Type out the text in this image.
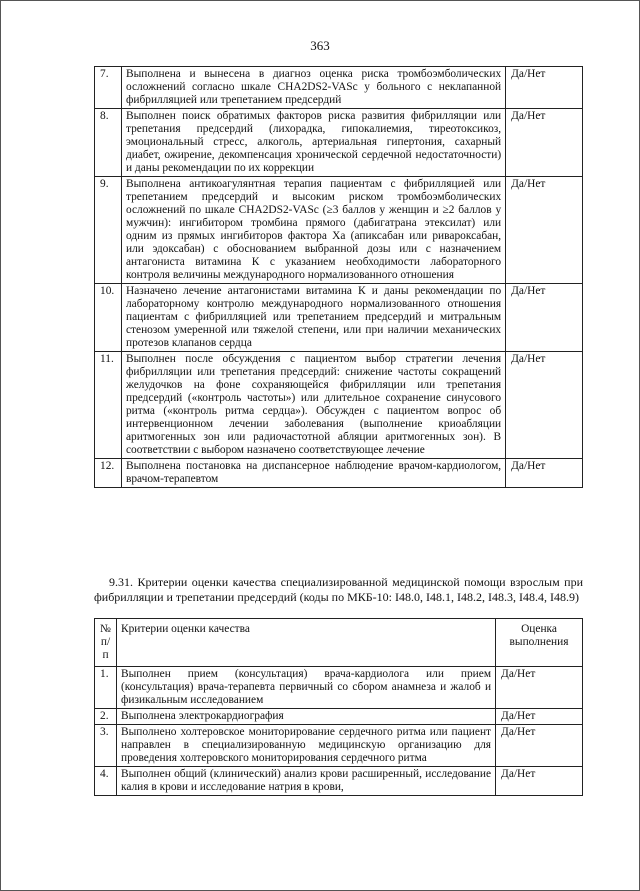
363
7.	Выполнена и вынесена в диагноз оценка риска тромбоэмболических осложнений согласно шкале CHA2DS2-VASc у больного с неклапанной фибрилляцией или трепетанием предсердий	Да/Нет
8.	Выполнен поиск обратимых факторов риска развития фибрилляции или трепетания предсердий (лихорадка, гипокалиемия, тиреотоксикоз, эмоциональный стресс, алкоголь, артериальная гипертония, сахарный диабет, ожирение, декомпенсация хронической сердечной недостаточности) и даны рекомендации по их коррекции	Да/Нет
9.	Выполнена антикоагулянтная терапия пациентам с фибрилляцией или трепетанием предсердий и высоким риском тромбоэмболических осложнений по шкале CHA2DS2-VASc (≥3 баллов у женщин и ≥2 баллов у мужчин): ингибитором тромбина прямого (дабигатрана этексилат) или одним из прямых ингибиторов фактора Ха (апиксабан или ривароксабан, или эдоксабан) с обоснованием выбранной дозы или с назначением антагониста витамина К с указанием необходимости лабораторного контроля величины международного нормализованного отношения	Да/Нет
10.	Назначено лечение антагонистами витамина К и даны рекомендации по лабораторному контролю международного нормализованного отношения пациентам с фибрилляцией или трепетанием предсердий и митральным стенозом умеренной или тяжелой степени, или при наличии механических протезов клапанов сердца	Да/Нет
11.	Выполнен после обсуждения с пациентом выбор стратегии лечения фибрилляции или трепетания предсердий: снижение частоты сокращений желудочков на фоне сохраняющейся фибрилляции или трепетания предсердий («контроль частоты») или длительное сохранение синусового ритма («контроль ритма сердца»). Обсужден с пациентом вопрос об интервенционном лечении заболевания (выполнение криоабляции аритмогенных зон или радиочастотной абляции аритмогенных зон). В соответствии с выбором назначено соответствующее лечение	Да/Нет
12.	Выполнена постановка на диспансерное наблюдение врачом-кардиологом, врачом-терапевтом	Да/Нет
9.31. Критерии оценки качества специализированной медицинской помощи взрослым при фибрилляции и трепетании предсердий (коды по МКБ-10: I48.0, I48.1, I48.2, I48.3, I48.4, I48.9)
№ п/п	Критерии оценки качества	Оценка выполнения
1.	Выполнен прием (консультация) врача-кардиолога или прием (консультация) врача-терапевта первичный со сбором анамнеза и жалоб и физикальным исследованием	Да/Нет
2.	Выполнена электрокардиография	Да/Нет
3.	Выполнено холтеровское мониторирование сердечного ритма или пациент направлен в специализированную медицинскую организацию для проведения холтеровского мониторирования сердечного ритма	Да/Нет
4.	Выполнен общий (клинический) анализ крови расширенный, исследование калия в крови и исследование натрия в крови,	Да/Нет
